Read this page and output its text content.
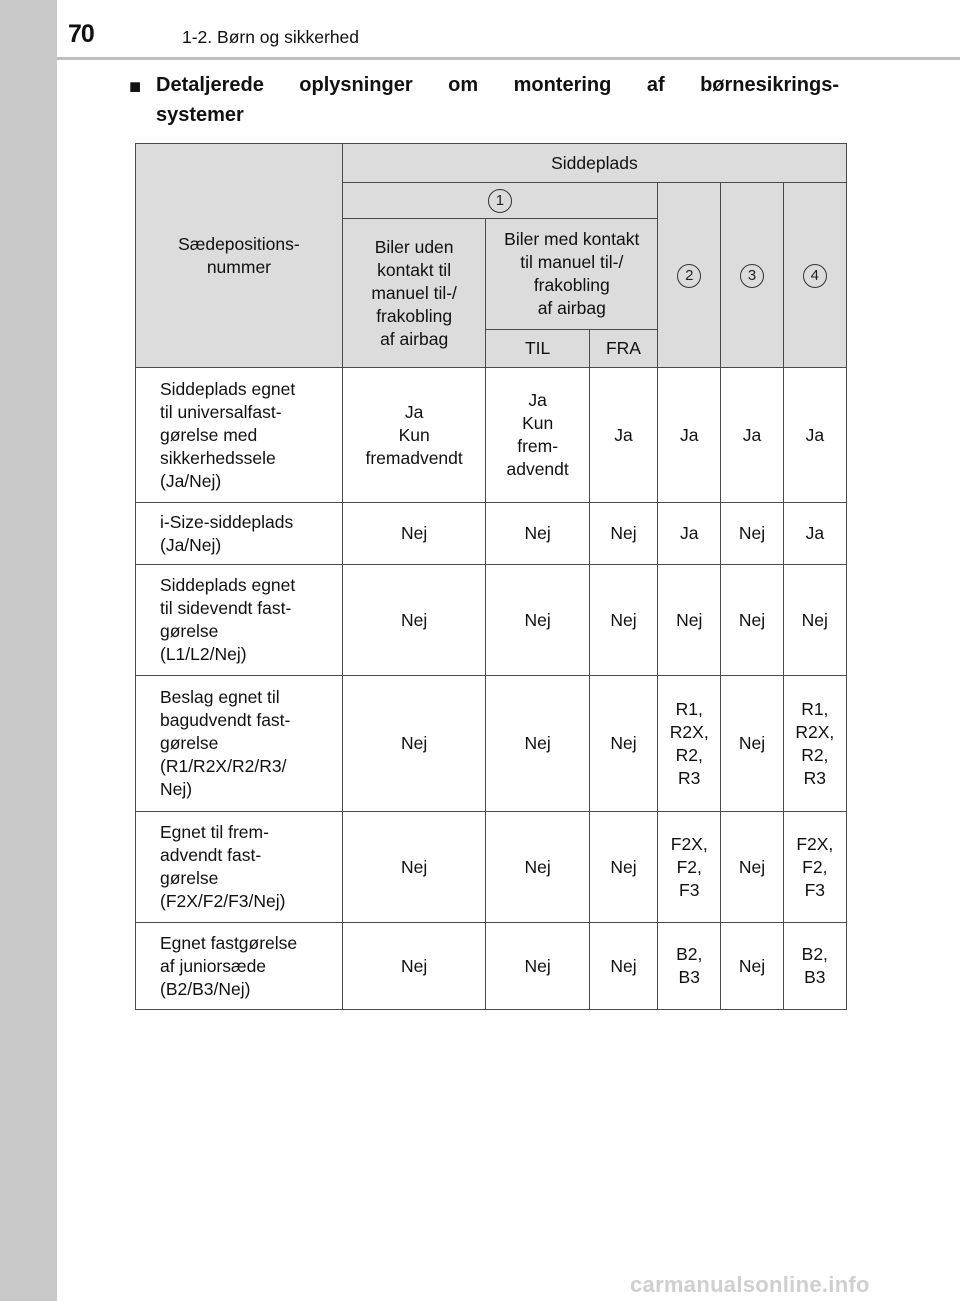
70	1-2. Børn og sikkerhed
■ Detaljerede oplysninger om montering af børnesikrings-
systemer
Sædepositions-
nummer	Siddeplads					
	1			2	3	4
	Biler uden
kontakt til
manuel til-/
frakobling
af airbag	Biler med kontakt
til manuel til-/
frakobling
af airbag				
		TIL	FRA			
Siddeplads egnet
til universalfast-
gørelse med
sikkerhedssele
(Ja/Nej)	Ja
Kun
fremadvendt	Ja
Kun
frem-
advendt	Ja	Ja	Ja	Ja
i-Size-siddeplads
(Ja/Nej)	Nej	Nej	Nej	Ja	Nej	Ja
Siddeplads egnet
til sidevendt fast-
gørelse
(L1/L2/Nej)	Nej	Nej	Nej	Nej	Nej	Nej
Beslag egnet til
bagudvendt fast-
gørelse
(R1/R2X/R2/R3/
Nej)	Nej	Nej	Nej	R1,
R2X,
R2,
R3	Nej	R1,
R2X,
R2,
R3
Egnet til frem-
advendt fast-
gørelse
(F2X/F2/F3/Nej)	Nej	Nej	Nej	F2X,
F2,
F3	Nej	F2X,
F2,
F3
Egnet fastgørelse
af juniorsæde
(B2/B3/Nej)	Nej	Nej	Nej	B2,
B3	Nej	B2,
B3
carmanualsonline.info
